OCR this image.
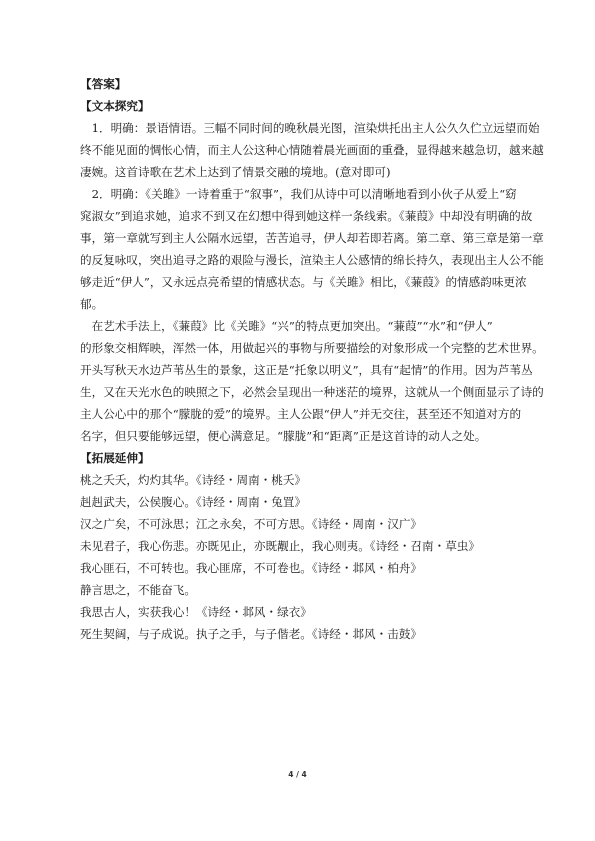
【答案】

【文本探究】

　1．明确：景语情语。三幅不同时间的晚秋晨光图，渲染烘托出主人公久久伫立远望而始

终不能见面的惆怅心情，而主人公这种心情随着晨光画面的重叠，显得越来越急切，越来越

凄婉。这首诗歌在艺术上达到了情景交融的境地。(意对即可)

　2．明确：《关雎》一诗着重于“叙事”，我们从诗中可以清晰地看到小伙子从爱上“窈

窕淑女”到追求她，追求不到又在幻想中得到她这样一条线索。《蒹葭》中却没有明确的故

事，第一章就写到主人公隔水远望，苦苦追寻，伊人却若即若离。第二章、第三章是第一章

的反复咏叹，突出追寻之路的艰险与漫长，渲染主人公感情的绵长持久，表现出主人公不能

够走近“伊人”，又永远点亮希望的情感状态。与《关雎》相比，《蒹葭》的情感韵味更浓

郁。

　在艺术手法上，《蒹葭》比《关雎》“兴”的特点更加突出。“蒹葭”“水”和“伊人”

的形象交相辉映，浑然一体，用做起兴的事物与所要描绘的对象形成一个完整的艺术世界。

开头写秋天水边芦苇丛生的景象，这正是“托象以明义”，具有“起情”的作用。因为芦苇丛

生，又在天光水色的映照之下，必然会呈现出一种迷茫的境界，这就从一个侧面显示了诗的

主人公心中的那个“朦胧的爱”的境界。主人公跟“伊人”并无交往，甚至还不知道对方的

名字，但只要能够远望，便心满意足。“朦胧”和“距离”正是这首诗的动人之处。

【拓展延伸】

桃之夭夭，灼灼其华。《诗经・周南・桃夭》

赳赳武夫，公侯腹心。《诗经・周南・兔罝》

汉之广矣，不可泳思；江之永矣，不可方思。《诗经・周南・汉广》

未见君子，我心伤悲。亦既见止，亦既觏止，我心则夷。《诗经・召南・草虫》

我心匪石，不可转也。我心匪席，不可卷也。《诗经・邶风・柏舟》

静言思之，不能奋飞。

我思古人，实获我心！《诗经・邶风・绿衣》

死生契阔，与子成说。执子之手，与子偕老。《诗经・邶风・击鼓》

4 / 4
